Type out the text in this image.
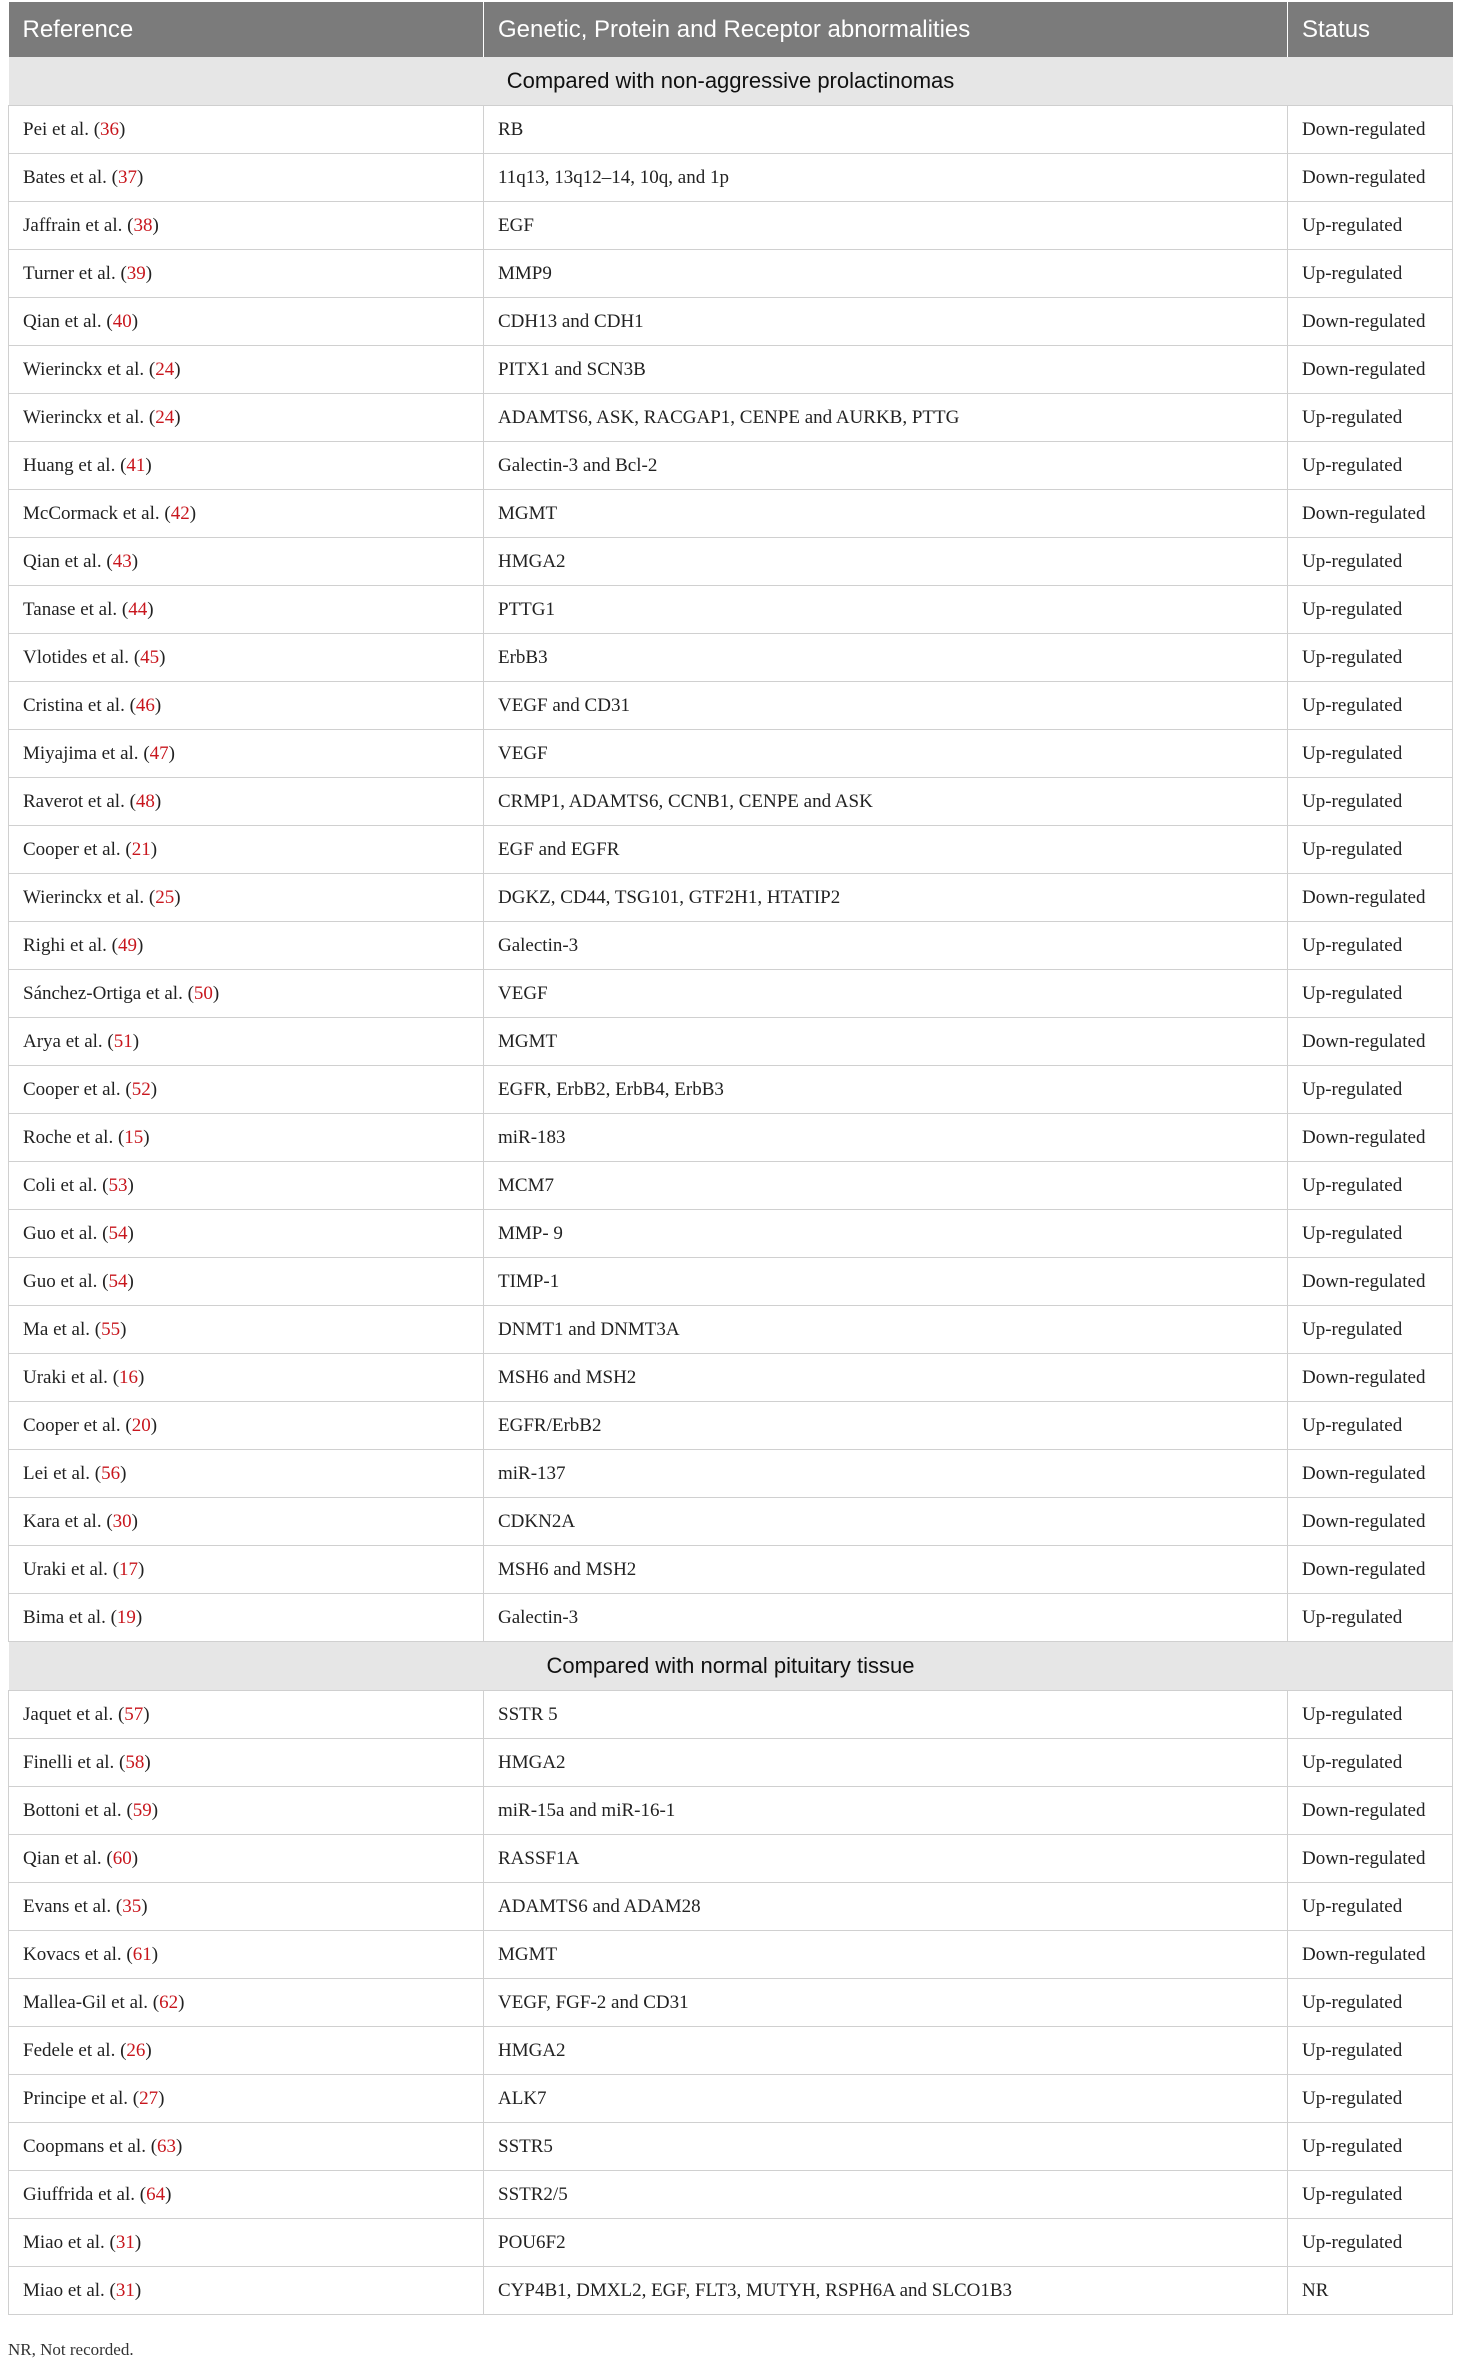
Reference	Genetic, Protein and Receptor abnormalities	Status
Compared with non-aggressive prolactinomas		
Pei et al. (36)	RB	Down-regulated
Bates et al. (37)	11q13, 13q12–14, 10q, and 1p	Down-regulated
Jaffrain et al. (38)	EGF	Up-regulated
Turner et al. (39)	MMP9	Up-regulated
Qian et al. (40)	CDH13 and CDH1	Down-regulated
Wierinckx et al. (24)	PITX1 and SCN3B	Down-regulated
Wierinckx et al. (24)	ADAMTS6, ASK, RACGAP1, CENPE and AURKB, PTTG	Up-regulated
Huang et al. (41)	Galectin-3 and Bcl-2	Up-regulated
McCormack et al. (42)	MGMT	Down-regulated
Qian et al. (43)	HMGA2	Up-regulated
Tanase et al. (44)	PTTG1	Up-regulated
Vlotides et al. (45)	ErbB3	Up-regulated
Cristina et al. (46)	VEGF and CD31	Up-regulated
Miyajima et al. (47)	VEGF	Up-regulated
Raverot et al. (48)	CRMP1, ADAMTS6, CCNB1, CENPE and ASK	Up-regulated
Cooper et al. (21)	EGF and EGFR	Up-regulated
Wierinckx et al. (25)	DGKZ, CD44, TSG101, GTF2H1, HTATIP2	Down-regulated
Righi et al. (49)	Galectin-3	Up-regulated
Sánchez-Ortiga et al. (50)	VEGF	Up-regulated
Arya et al. (51)	MGMT	Down-regulated
Cooper et al. (52)	EGFR, ErbB2, ErbB4, ErbB3	Up-regulated
Roche et al. (15)	miR-183	Down-regulated
Coli et al. (53)	MCM7	Up-regulated
Guo et al. (54)	MMP- 9	Up-regulated
Guo et al. (54)	TIMP-1	Down-regulated
Ma et al. (55)	DNMT1 and DNMT3A	Up-regulated
Uraki et al. (16)	MSH6 and MSH2	Down-regulated
Cooper et al. (20)	EGFR/ErbB2	Up-regulated
Lei et al. (56)	miR-137	Down-regulated
Kara et al. (30)	CDKN2A	Down-regulated
Uraki et al. (17)	MSH6 and MSH2	Down-regulated
Bima et al. (19)	Galectin-3	Up-regulated
Compared with normal pituitary tissue		
Jaquet et al. (57)	SSTR 5	Up-regulated
Finelli et al. (58)	HMGA2	Up-regulated
Bottoni et al. (59)	miR-15a and miR-16-1	Down-regulated
Qian et al. (60)	RASSF1A	Down-regulated
Evans et al. (35)	ADAMTS6 and ADAM28	Up-regulated
Kovacs et al. (61)	MGMT	Down-regulated
Mallea-Gil et al. (62)	VEGF, FGF-2 and CD31	Up-regulated
Fedele et al. (26)	HMGA2	Up-regulated
Principe et al. (27)	ALK7	Up-regulated
Coopmans et al. (63)	SSTR5	Up-regulated
Giuffrida et al. (64)	SSTR2/5	Up-regulated
Miao et al. (31)	POU6F2	Up-regulated
Miao et al. (31)	CYP4B1, DMXL2, EGF, FLT3, MUTYH, RSPH6A and SLCO1B3	NR
NR, Not recorded.
